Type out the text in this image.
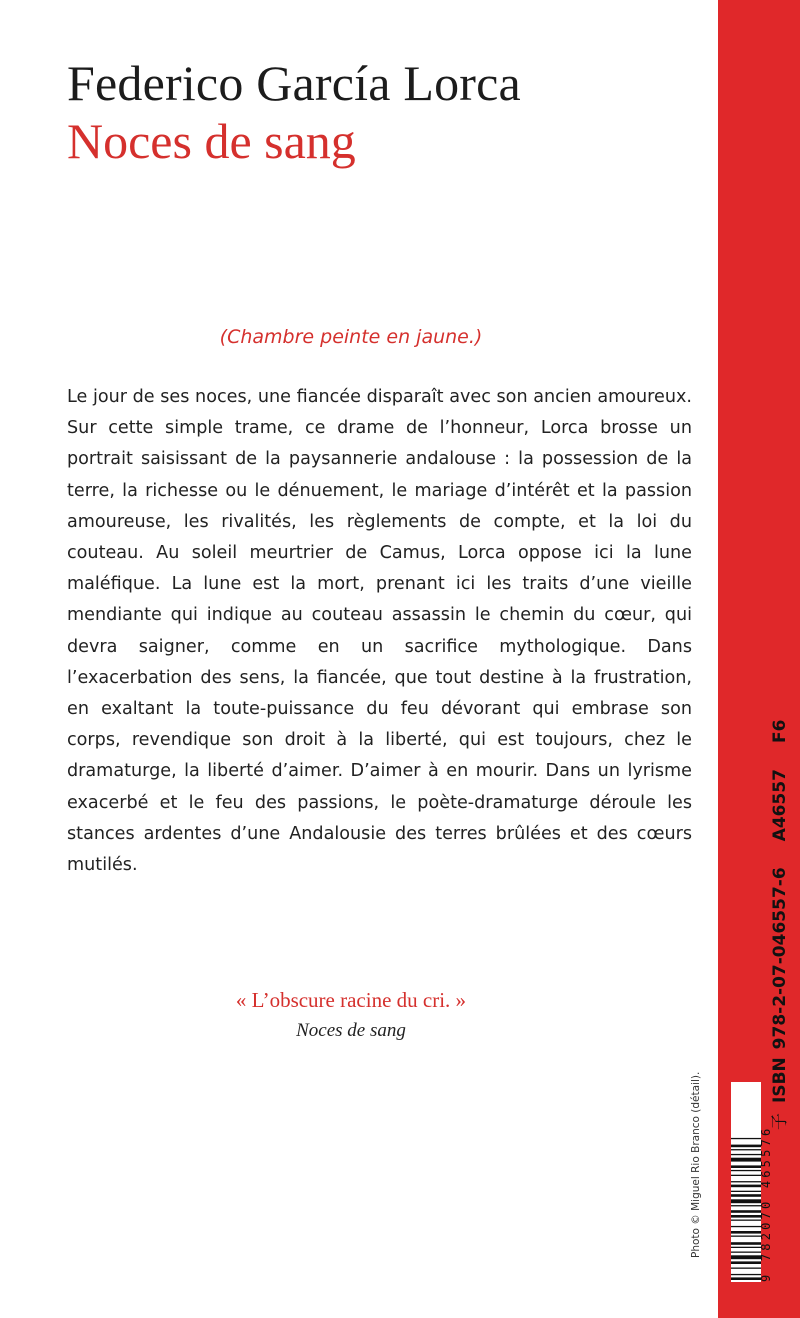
Federico García Lorca
Noces de sang
(Chambre peinte en jaune.)

Le jour de ses noces, une fiancée disparaît avec son ancien amoureux. Sur cette simple trame, ce drame de l’honneur, Lorca brosse un portrait saisissant de la paysannerie andalouse : la possession de la terre, la richesse ou le dénuement, le mariage d’intérêt et la passion amoureuse, les rivalités, les règlements de compte, et la loi du couteau. Au soleil meurtrier de Camus, Lorca oppose ici la lune maléfique. La lune est la mort, prenant ici les traits d’une vieille mendiante qui indique au couteau assassin le chemin du cœur, qui devra saigner, comme en un sacrifice mythologique. Dans l’exacerbation des sens, la fiancée, que tout destine à la frustration, en exaltant la toute-puissance du feu dévorant qui embrase son corps, revendique son droit à la liberté, qui est toujours, chez le dramaturge, la liberté d’aimer. D’aimer à en mourir. Dans un lyrisme exacerbé et le feu des passions, le poète-dramaturge déroule les stances ardentes d’une Andalousie des terres brûlées et des cœurs mutilés.

« L’obscure racine du cri. »
Noces de sang
Photo © Miguel Rio Branco (détail).	9 782070 465576
子ISBN 978-2-07-046557-6A46557F6
